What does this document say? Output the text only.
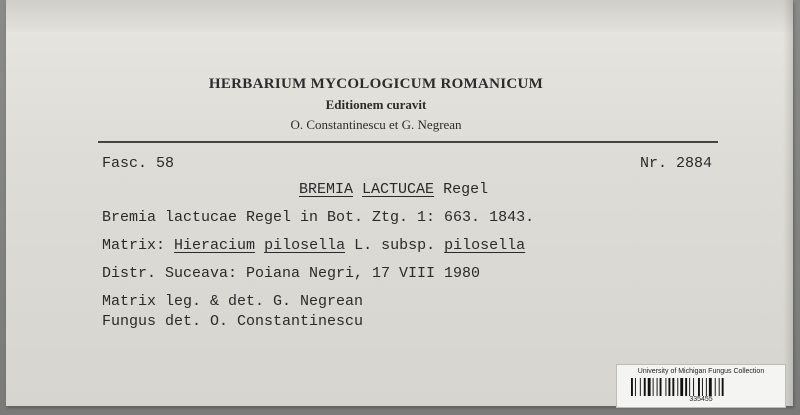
HERBARIUM MYCOLOGICUM ROMANICUM
Editionem curavit
O. Constantinescu et G. Negrean
Fasc. 58	Nr. 2884
BREMIA LACTUCAE Regel
Bremia lactucae Regel in Bot. Ztg. 1: 663. 1843.
Matrix: Hieracium pilosella L. subsp. pilosella
Distr. Suceava: Poiana Negri, 17 VIII 1980
Matrix leg. & det. G. Negrean
Fungus det. O. Constantinescu
University of Michigan Fungus Collection
335455
